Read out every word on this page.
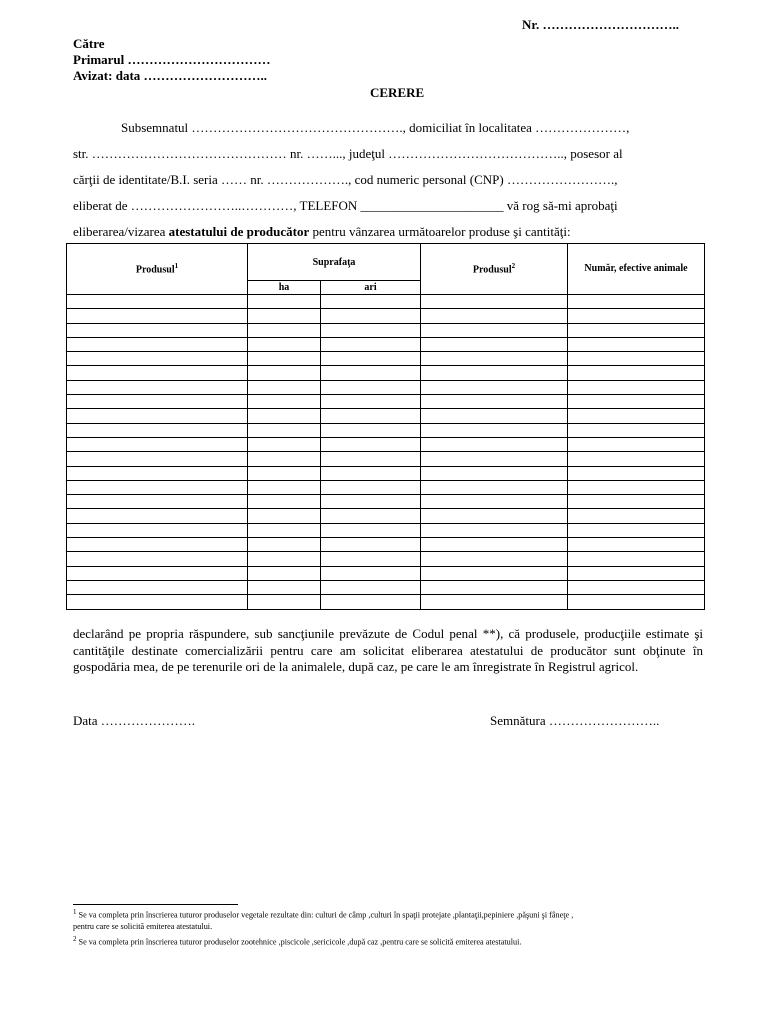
Nr. …………………………..
Către
Primarul ……………………………
Avizat: data ………………………..
CERERE
Subsemnatul …………………………………………., domiciliat în localitatea …………………,
str. ……………………………………… nr. ……..., judeţul ………………………………….., posesor al
cărţii de identitate/B.I. seria …… nr. ………………., cod numeric personal (CNP) …………………….,
eliberat de ……………………..…………, TELEFON ______________________ vă rog să-mi aprobaţi
eliberarea/vizarea atestatului de producător pentru vânzarea următoarelor produse şi cantităţi:
Produsul$^1$	Suprafaţa		Produsul$^2$	Număr, efective animale
	ha	ari		

declarând pe propria răspundere, sub sancţiunile prevăzute de Codul penal **), că produsele, producţiile estimate şi cantităţile destinate comercializării pentru care am solicitat eliberarea atestatului de producător sunt obţinute în gospodăria mea, de pe terenurile ori de la animalele, după caz, pe care le am înregistrate în Registrul agricol.
Data ………………….	Semnătura ……………………..
$^1$ Se va completa prin înscrierea tuturor produselor vegetale rezultate din: culturi de câmp ,culturi în spaţii protejate ,plantaţii,pepiniere ,păşuni şi fâneţe ,
pentru care se solicită emiterea atestatului.
$^2$ Se va completa prin înscrierea tuturor produselor zootehnice ,piscicole ,sericicole ,după caz ,pentru care se solicită emiterea atestatului.
